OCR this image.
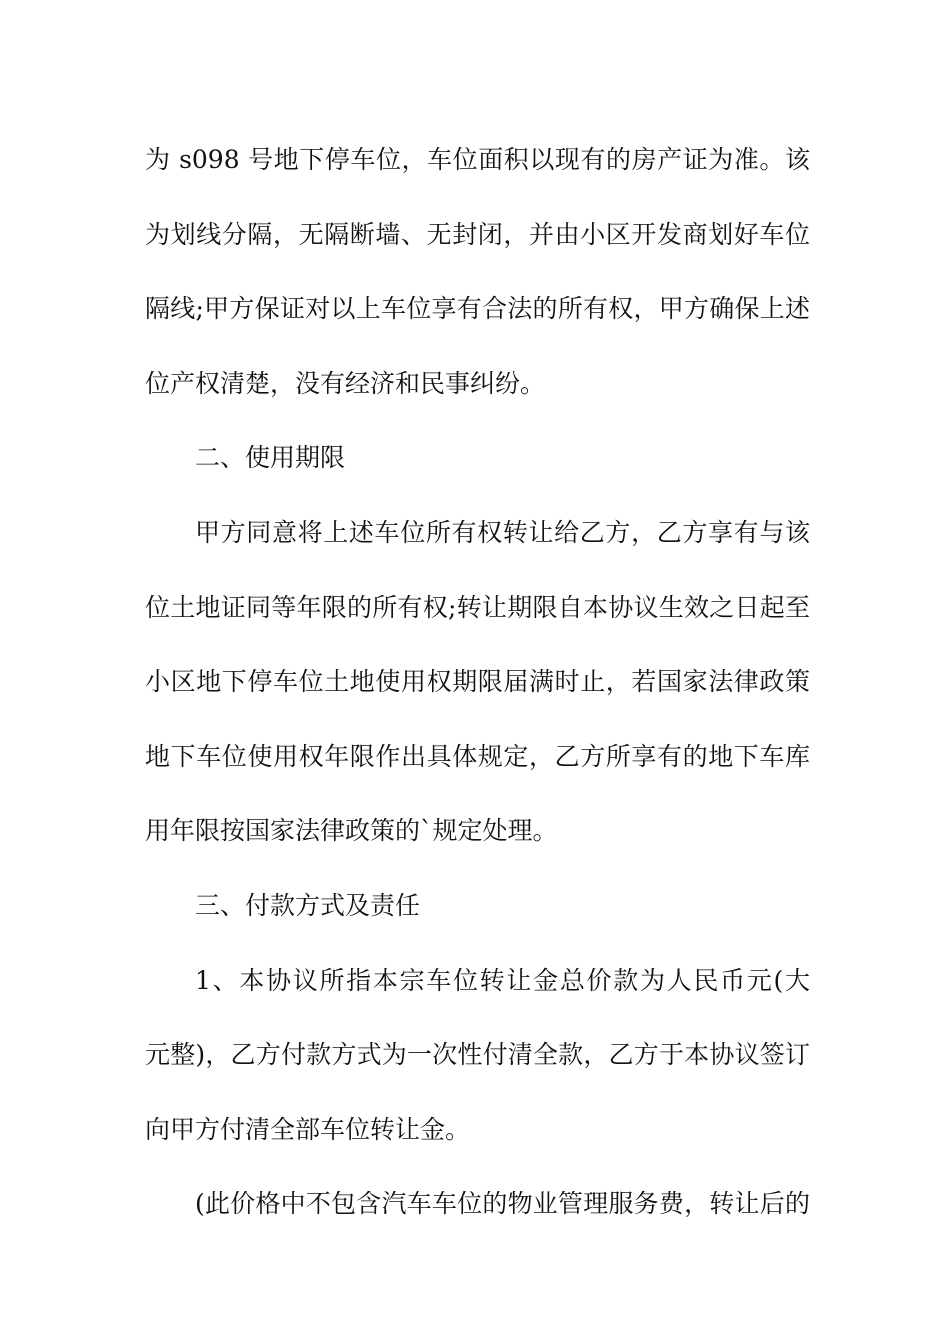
为 s098 号地下停车位，车位面积以现有的房产证为准。该
为划线分隔，无隔断墙、无封闭，并由小区开发商划好车位
隔线;甲方保证对以上车位享有合法的所有权，甲方确保上述
位产权清楚，没有经济和民事纠纷。
二、使用期限
甲方同意将上述车位所有权转让给乙方，乙方享有与该
位土地证同等年限的所有权;转让期限自本协议生效之日起至
小区地下停车位土地使用权期限届满时止，若国家法律政策
地下车位使用权年限作出具体规定，乙方所享有的地下车库
用年限按国家法律政策的`规定处理。
三、付款方式及责任
1、本协议所指本宗车位转让金总价款为人民币元(大
元整)，乙方付款方式为一次性付清全款，乙方于本协议签订
向甲方付清全部车位转让金。
(此价格中不包含汽车车位的物业管理服务费，转让后的
